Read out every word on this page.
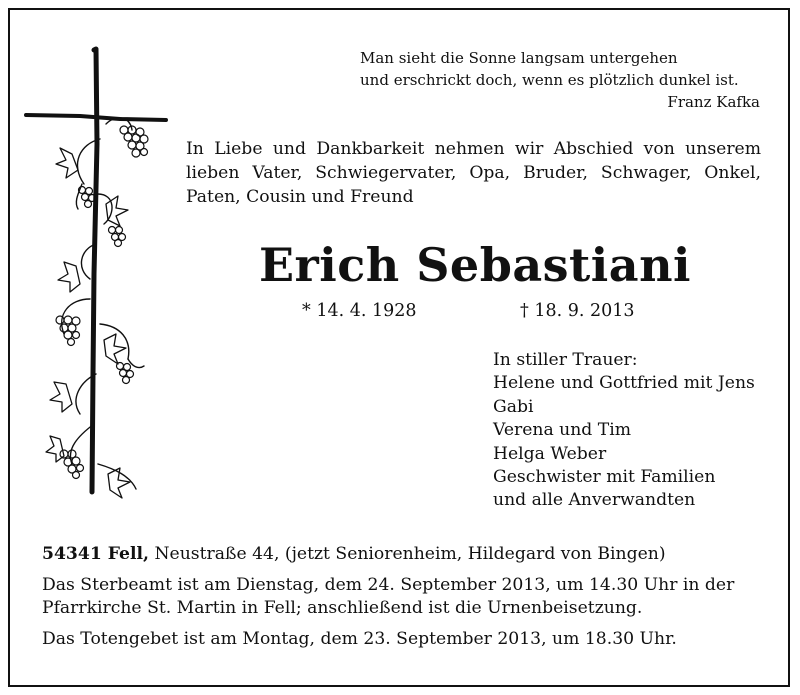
Man sieht die Sonne langsam untergehen
und erschrickt doch, wenn es plötzlich dunkel ist.
Franz Kafka
In Liebe und Dankbarkeit nehmen wir Abschied von unserem
lieben Vater, Schwiegervater, Opa, Bruder, Schwager, Onkel,
Paten, Cousin und Freund
Erich Sebastiani
* 14. 4. 1928	† 18. 9. 2013
In stiller Trauer:
Helene und Gottfried mit Jens
Gabi
Verena und Tim
Helga Weber
Geschwister mit Familien
und alle Anverwandten

54341 Fell, Neustraße 44, (jetzt Seniorenheim, Hildegard von Bingen)

Das Sterbeamt ist am Dienstag, dem 24. September 2013, um 14.30 Uhr in der
Pfarrkirche St. Martin in Fell; anschließend ist die Urnenbeisetzung.

Das Totengebet ist am Montag, dem 23. September 2013, um 18.30 Uhr.
